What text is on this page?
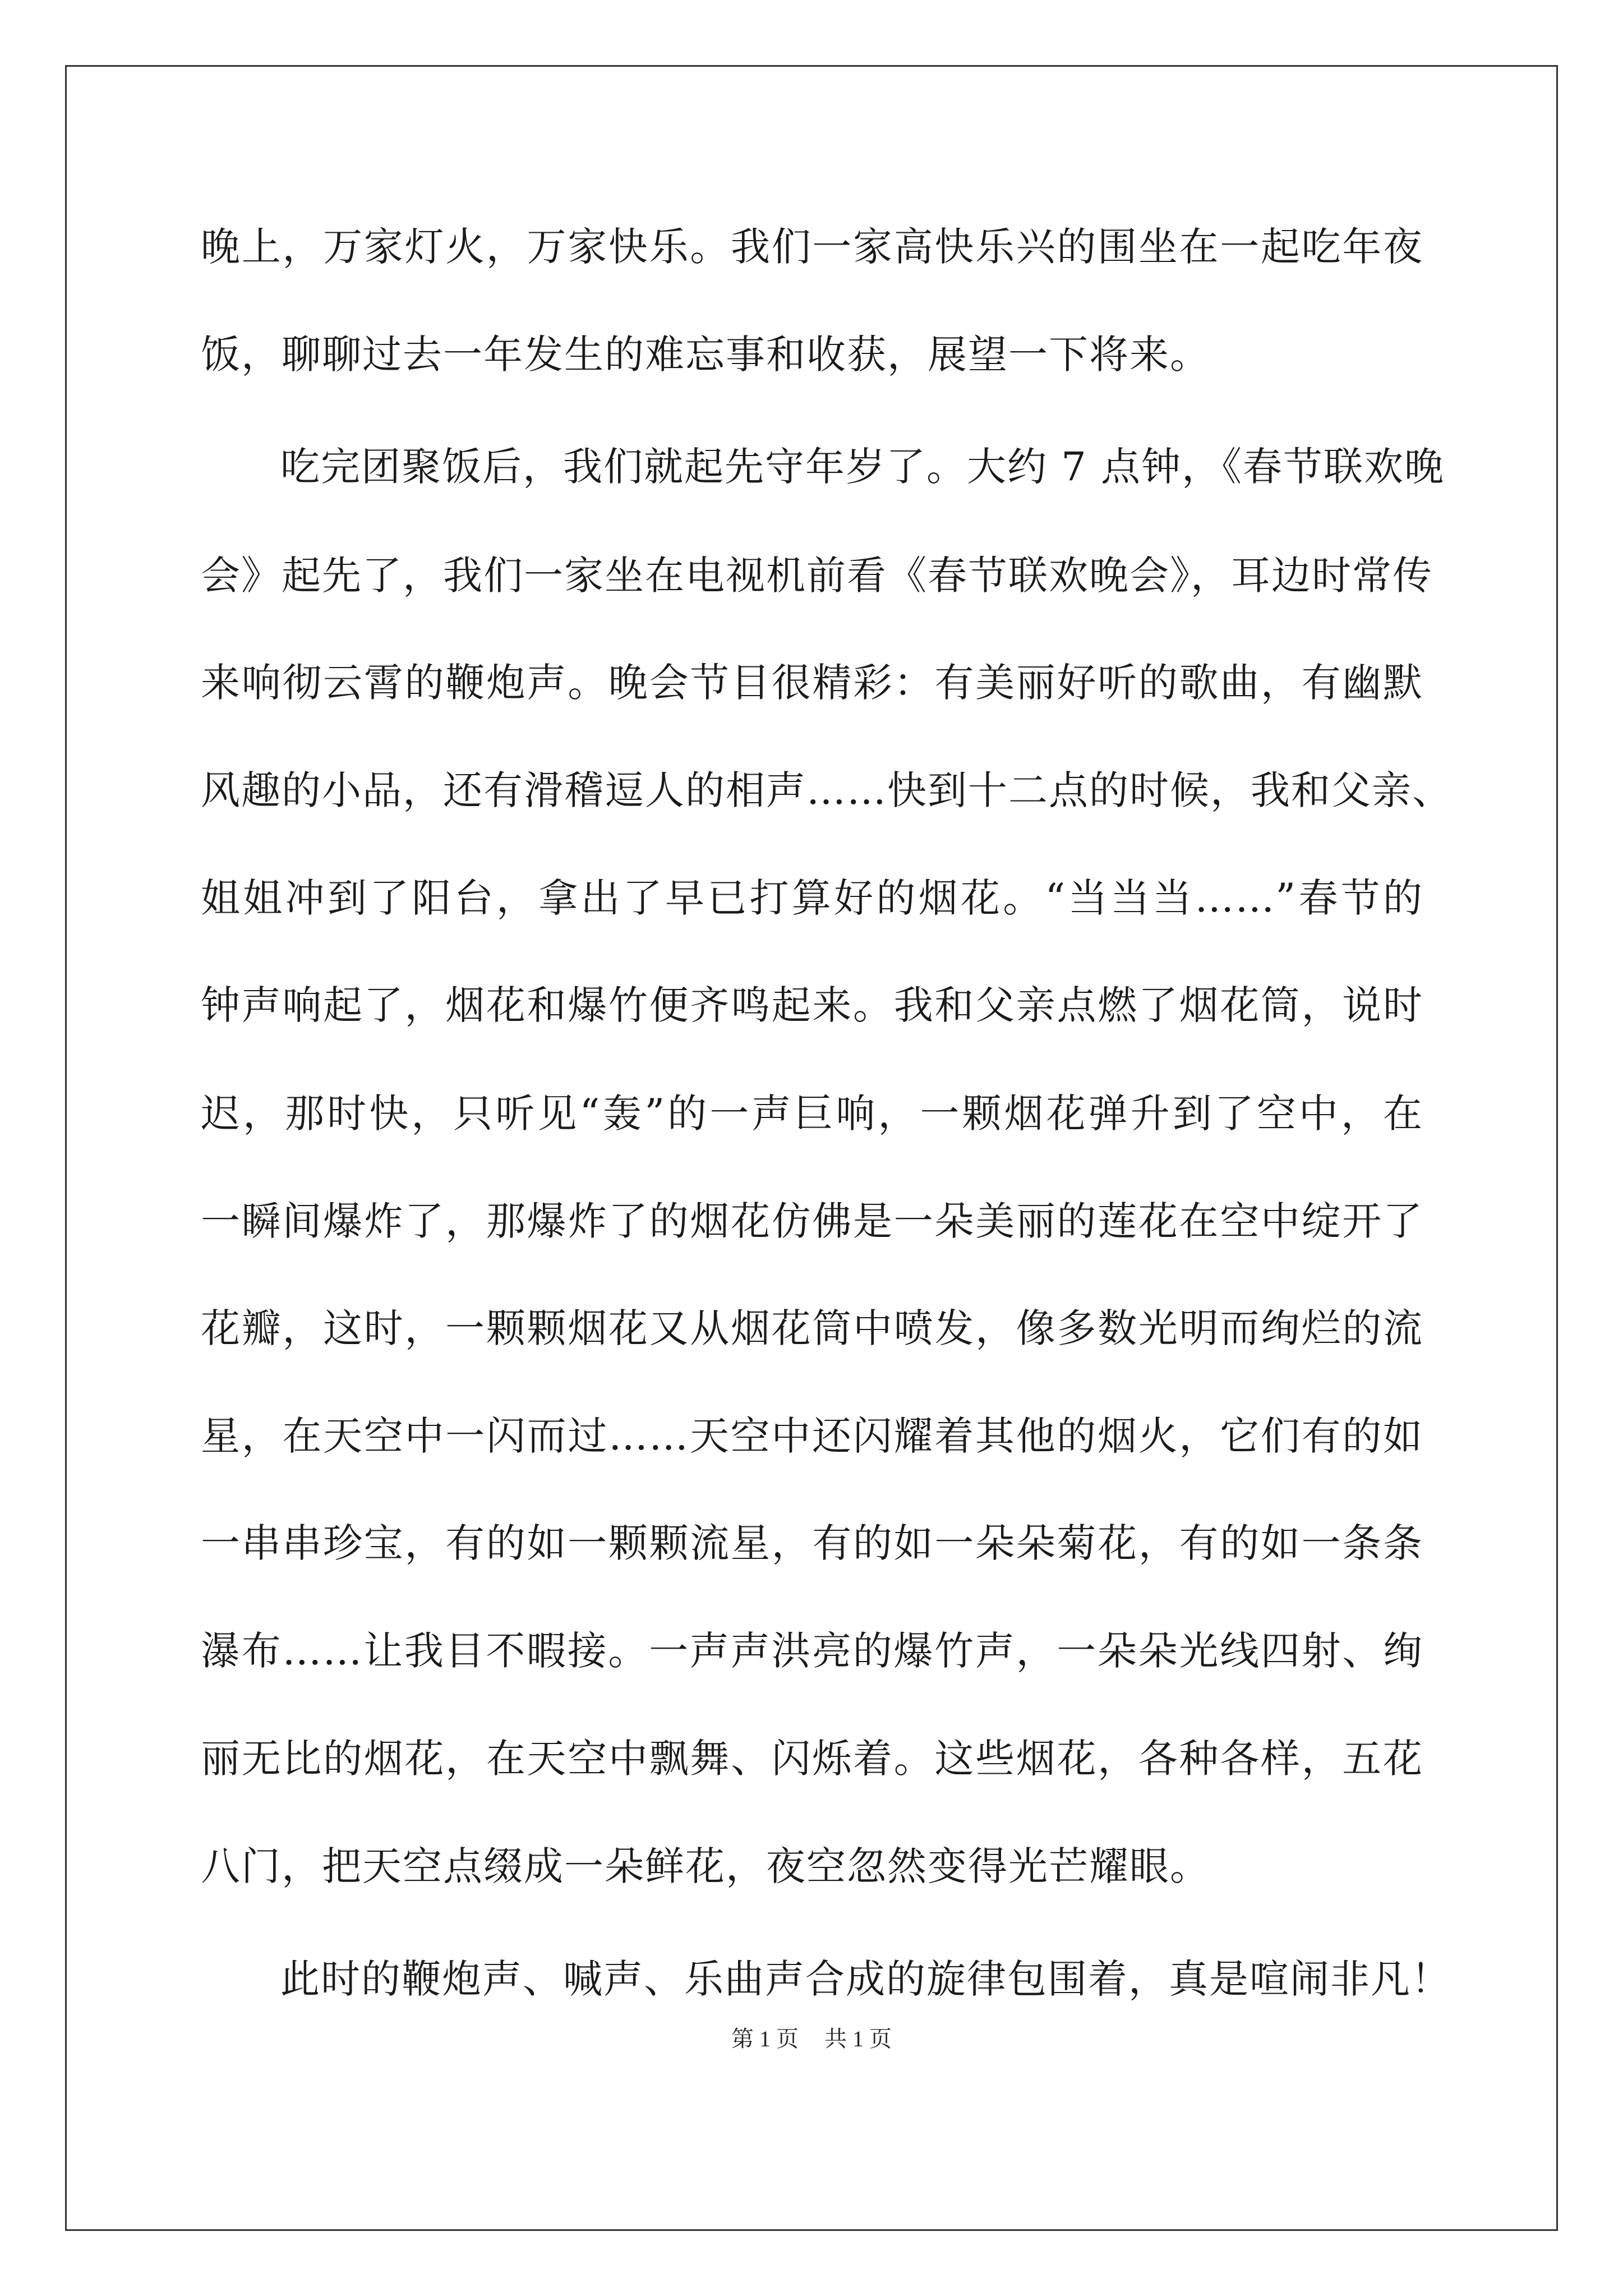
晚上，万家灯火，万家快乐。我们一家高快乐兴的围坐在一起吃年夜

饭，聊聊过去一年发生的难忘事和收获，展望一下将来。

吃完团聚饭后，我们就起先守年岁了。大约 7 点钟，《春节联欢晚

会》起先了，我们一家坐在电视机前看《春节联欢晚会》，耳边时常传

来响彻云霄的鞭炮声。晚会节目很精彩：有美丽好听的歌曲，有幽默

风趣的小品，还有滑稽逗人的相声……快到十二点的时候，我和父亲、

姐姐冲到了阳台，拿出了早已打算好的烟花。“当当当……”春节的

钟声响起了，烟花和爆竹便齐鸣起来。我和父亲点燃了烟花筒，说时

迟，那时快，只听见“轰”的一声巨响，一颗烟花弹升到了空中，在

一瞬间爆炸了，那爆炸了的烟花仿佛是一朵美丽的莲花在空中绽开了

花瓣，这时，一颗颗烟花又从烟花筒中喷发，像多数光明而绚烂的流

星，在天空中一闪而过……天空中还闪耀着其他的烟火，它们有的如

一串串珍宝，有的如一颗颗流星，有的如一朵朵菊花，有的如一条条

瀑布……让我目不暇接。一声声洪亮的爆竹声，一朵朵光线四射、绚

丽无比的烟花，在天空中飘舞、闪烁着。这些烟花，各种各样，五花

八门，把天空点缀成一朵鲜花，夜空忽然变得光芒耀眼。

此时的鞭炮声、喊声、乐曲声合成的旋律包围着，真是喧闹非凡！

第 1 页 共 1 页
